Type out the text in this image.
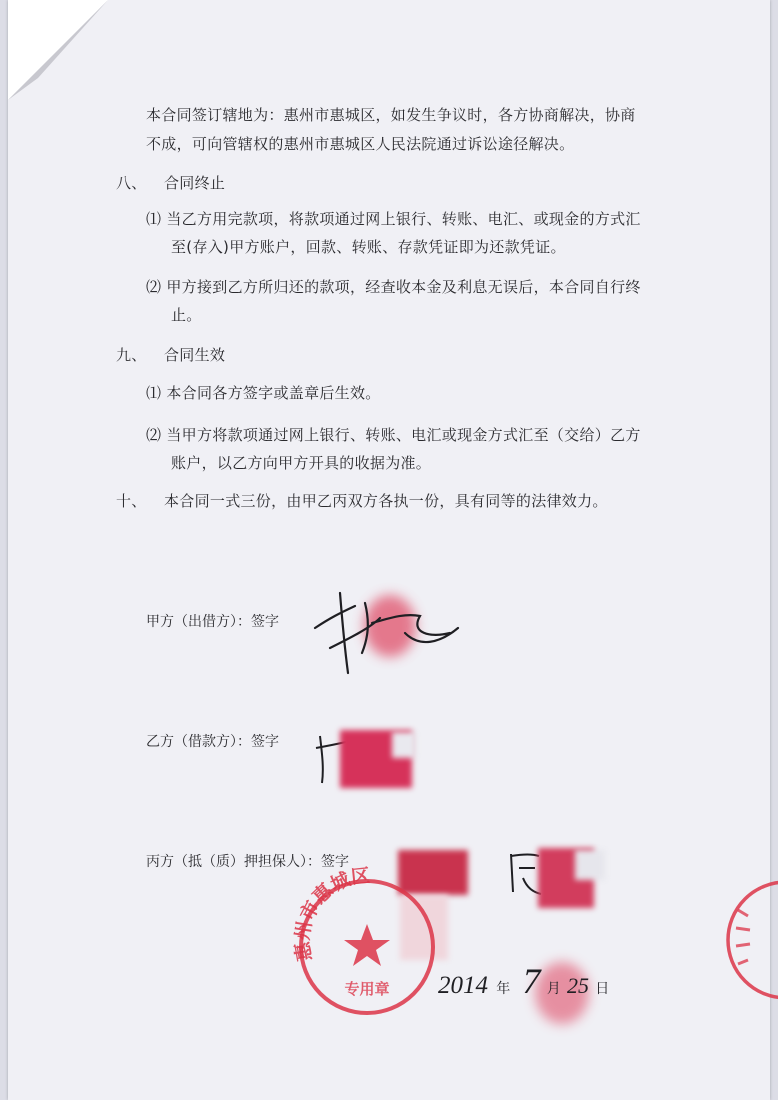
本合同签订辖地为：惠州市惠城区，如发生争议时，各方协商解决，协商
不成，可向管辖权的惠州市惠城区人民法院通过诉讼途径解决。
八、 合同终止
⑴ 当乙方用完款项，将款项通过网上银行、转账、电汇、或现金的方式汇
至(存入)甲方账户，回款、转账、存款凭证即为还款凭证。
⑵ 甲方接到乙方所归还的款项，经查收本金及利息无误后，本合同自行终
止。
九、 合同生效
⑴ 本合同各方签字或盖章后生效。
⑵ 当甲方将款项通过网上银行、转账、电汇或现金方式汇至（交给）乙方
账户，以乙方向甲方开具的收据为准。
十、 本合同一式三份，由甲乙丙双方各执一份，具有同等的法律效力。
甲方（出借方）：签字
乙方（借款方）：签字
丙方（抵（质）押担保人）：签字
惠州市惠城区
专用章 2014 年 7 月 25 日
